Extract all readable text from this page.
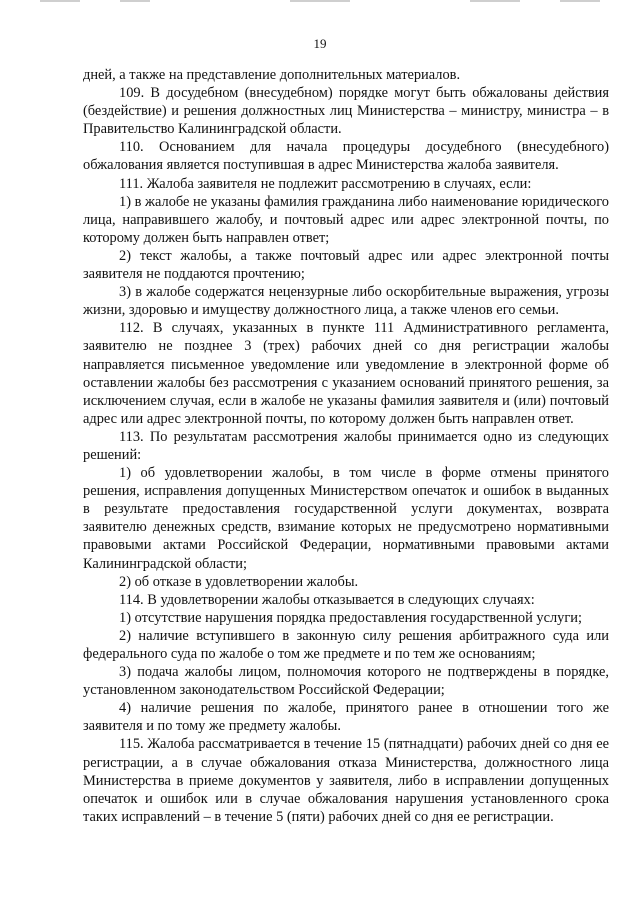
19

дней, а также на представление дополнительных материалов.

109. В досудебном (внесудебном) порядке могут быть обжалованы действия (бездействие) и решения должностных лиц Министерства – министру, министра – в Правительство Калининградской области.

110. Основанием для начала процедуры досудебного (внесудебного) обжалования является поступившая в адрес Министерства жалоба заявителя.

111. Жалоба заявителя не подлежит рассмотрению в случаях, если:

1) в жалобе не указаны фамилия гражданина либо наименование юридического лица, направившего жалобу, и почтовый адрес или адрес электронной почты, по которому должен быть направлен ответ;

2) текст жалобы, а также почтовый адрес или адрес электронной почты заявителя не поддаются прочтению;

3) в жалобе содержатся нецензурные либо оскорбительные выражения, угрозы жизни, здоровью и имуществу должностного лица, а также членов его семьи.

112. В случаях, указанных в пункте 111 Административного регламента, заявителю не позднее 3 (трех) рабочих дней со дня регистрации жалобы направляется письменное уведомление или уведомление в электронной форме об оставлении жалобы без рассмотрения с указанием оснований принятого решения, за исключением случая, если в жалобе не указаны фамилия заявителя и (или) почтовый адрес или адрес электронной почты, по которому должен быть направлен ответ.

113. По результатам рассмотрения жалобы принимается одно из следующих решений:

1) об удовлетворении жалобы, в том числе в форме отмены принятого решения, исправления допущенных Министерством опечаток и ошибок в выданных в результате предоставления государственной услуги документах, возврата заявителю денежных средств, взимание которых не предусмотрено нормативными правовыми актами Российской Федерации, нормативными правовыми актами Калининградской области;

2) об отказе в удовлетворении жалобы.

114. В удовлетворении жалобы отказывается в следующих случаях:

1) отсутствие нарушения порядка предоставления государственной услуги;

2) наличие вступившего в законную силу решения арбитражного суда или федерального суда по жалобе о том же предмете и по тем же основаниям;

3) подача жалобы лицом, полномочия которого не подтверждены в порядке, установленном законодательством Российской Федерации;

4) наличие решения по жалобе, принятого ранее в отношении того же заявителя и по тому же предмету жалобы.

115. Жалоба рассматривается в течение 15 (пятнадцати) рабочих дней со дня ее регистрации, а в случае обжалования отказа Министерства, должностного лица Министерства в приеме документов у заявителя, либо в исправлении допущенных опечаток и ошибок или в случае обжалования нарушения установленного срока таких исправлений – в течение 5 (пяти) рабочих дней со дня ее регистрации.
